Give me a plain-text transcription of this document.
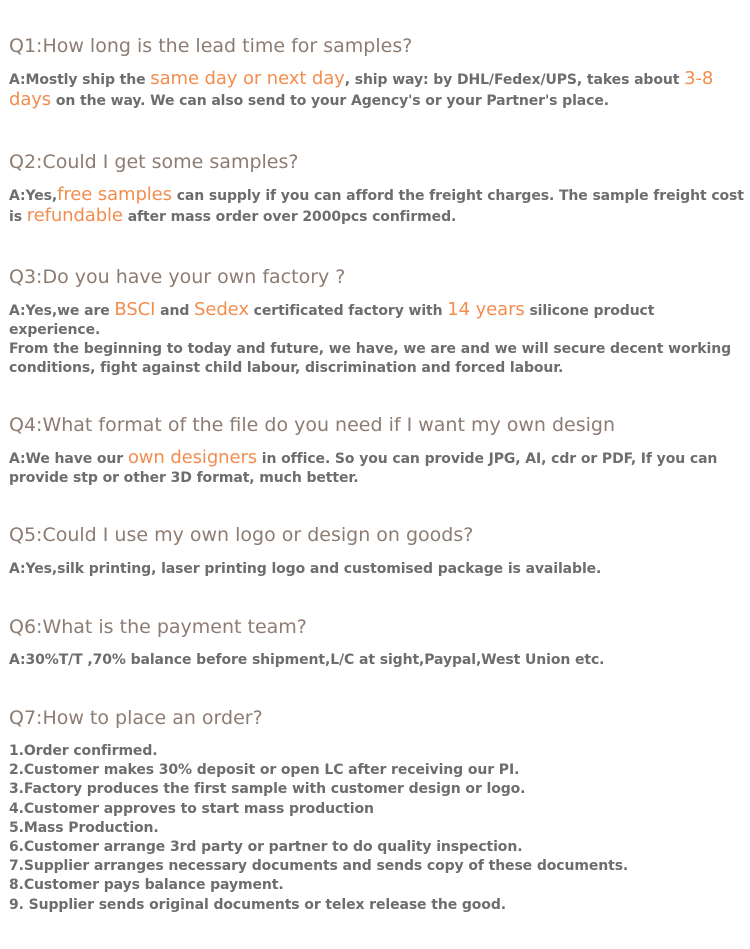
Q1:How long is the lead time for samples?

A:Mostly ship the same day or next day, ship way: by DHL/Fedex/UPS, takes about 3-8 days on the way. We can also send to your Agency's or your Partner's place.

Q2:Could I get some samples?

A:Yes,free samples can supply if you can afford the freight charges. The sample freight cost is refundable after mass order over 2000pcs confirmed.

Q3:Do you have your own factory ?

A:Yes,we are BSCI and Sedex certificated factory with 14 years silicone product experience.
From the beginning to today and future, we have, we are and we will secure decent working conditions, fight against child labour, discrimination and forced labour.

Q4:What format of the file do you need if I want my own design

A:We have our own designers in office. So you can provide JPG, AI, cdr or PDF, If you can provide stp or other 3D format, much better.

Q5:Could I use my own logo or design on goods?

A:Yes,silk printing, laser printing logo and customised package is available.

Q6:What is the payment team?

A:30%T/T ,70% balance before shipment,L/C at sight,Paypal,West Union etc.

Q7:How to place an order?

1.Order confirmed.
2.Customer makes 30% deposit or open LC after receiving our PI.
3.Factory produces the first sample with customer design or logo.
4.Customer approves to start mass production
5.Mass Production.
6.Customer arrange 3rd party or partner to do quality inspection.
7.Supplier arranges necessary documents and sends copy of these documents.
8.Customer pays balance payment.
9. Supplier sends original documents or telex release the good.
